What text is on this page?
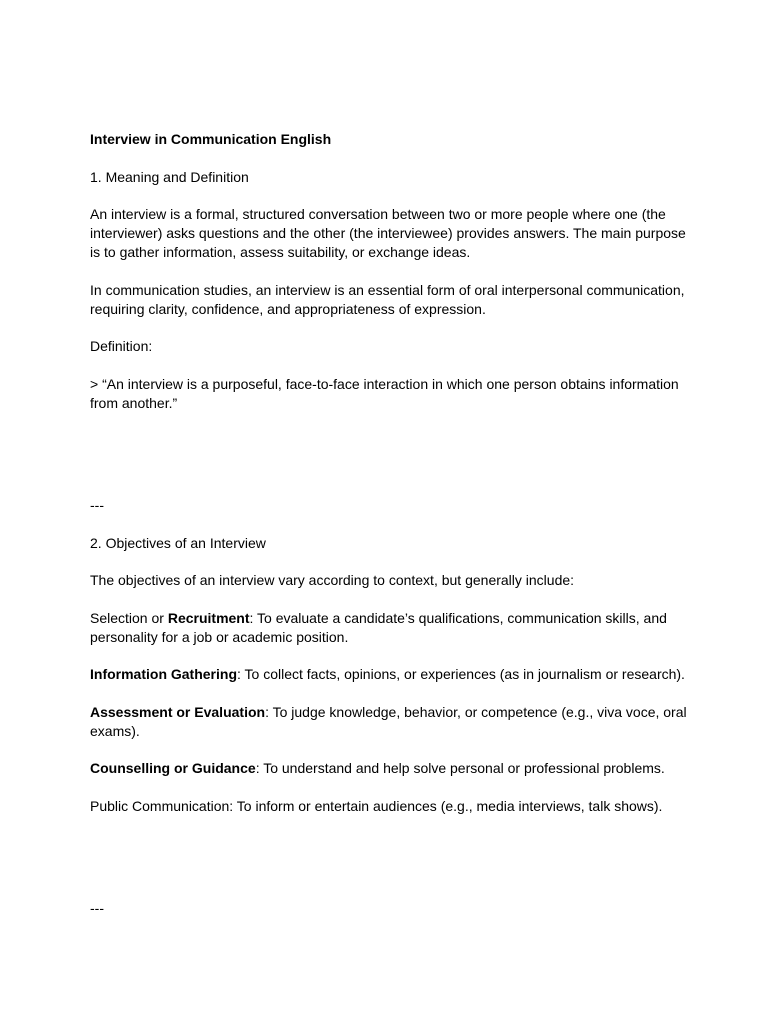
Interview in Communication English

1. Meaning and Definition

An interview is a formal, structured conversation between two or more people where one (the interviewer) asks questions and the other (the interviewee) provides answers. The main purpose is to gather information, assess suitability, or exchange ideas.

In communication studies, an interview is an essential form of oral interpersonal communication, requiring clarity, confidence, and appropriateness of expression.

Definition:

> “An interview is a purposeful, face-to-face interaction in which one person obtains information from another.”

---

2. Objectives of an Interview

The objectives of an interview vary according to context, but generally include:

Selection or Recruitment: To evaluate a candidate’s qualifications, communication skills, and personality for a job or academic position.

Information Gathering: To collect facts, opinions, or experiences (as in journalism or research).

Assessment or Evaluation: To judge knowledge, behavior, or competence (e.g., viva voce, oral exams).

Counselling or Guidance: To understand and help solve personal or professional problems.

Public Communication: To inform or entertain audiences (e.g., media interviews, talk shows).

---
